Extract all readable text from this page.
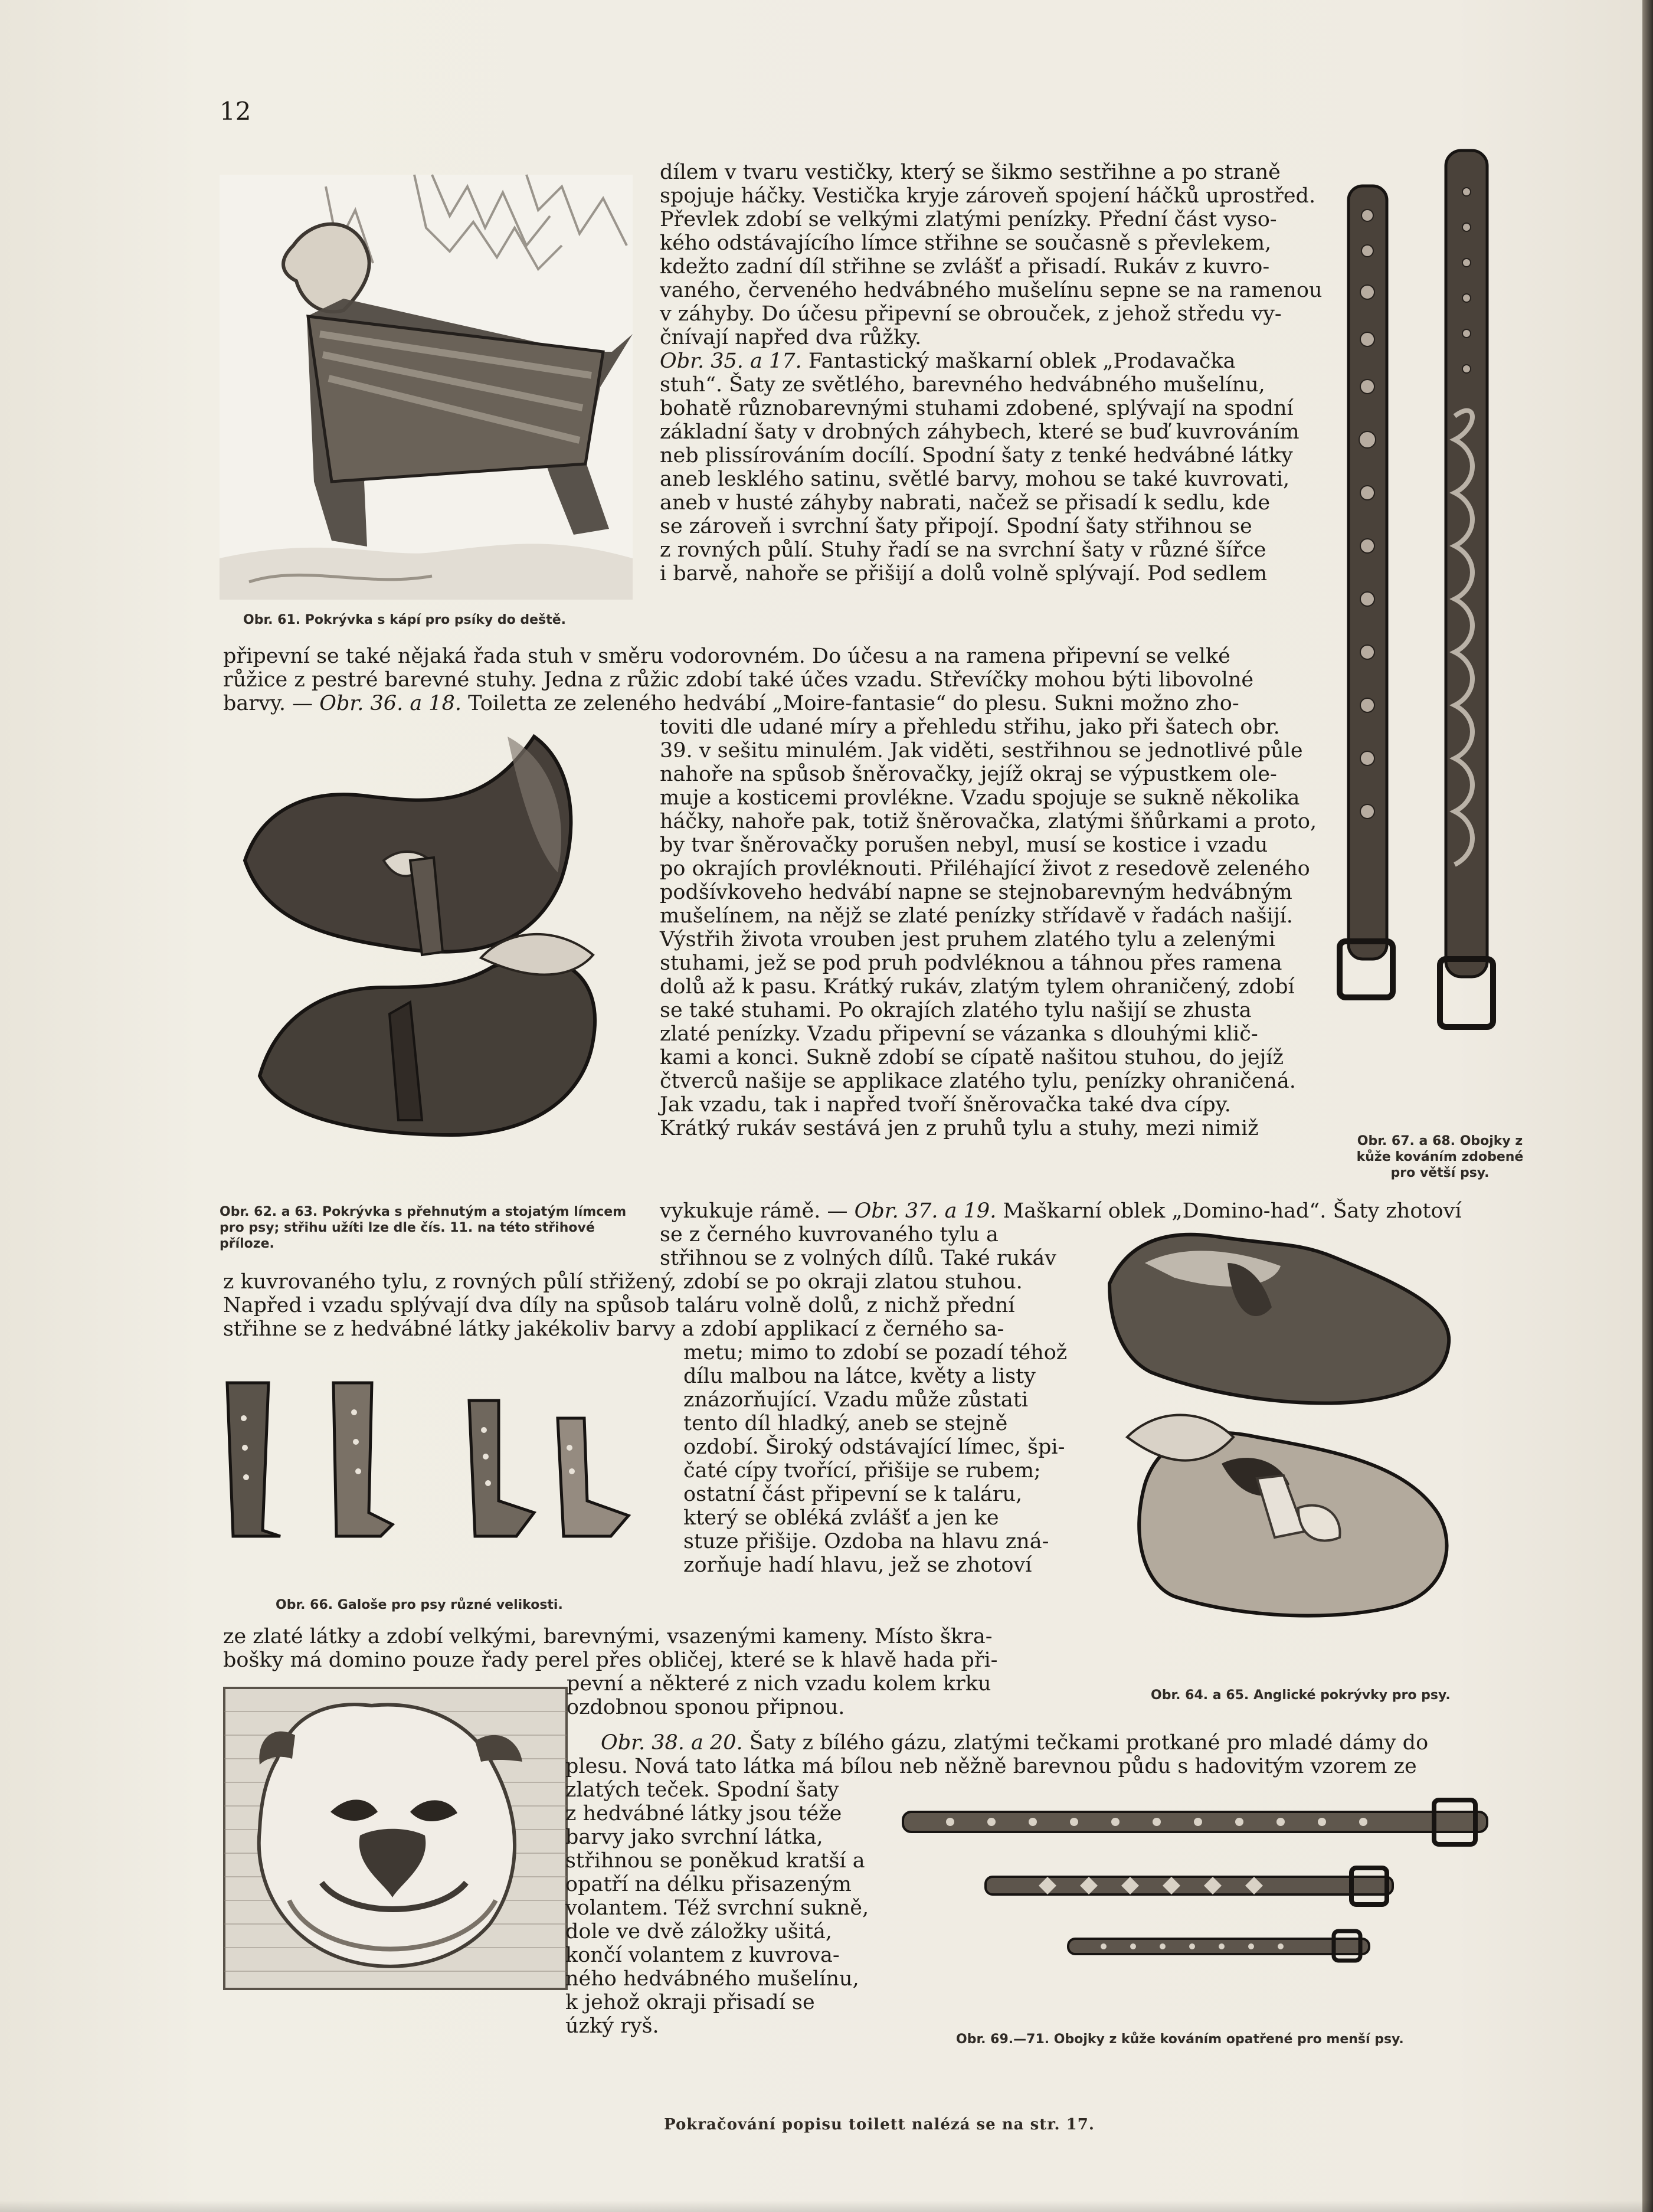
12
Obr. 61. Pokrývka s kápí pro psíky do deště.
Obr. 62. a 63. Pokrývka s přehnutým a stojatým límcem pro psy; střihu užíti lze dle čís. 11. na této střihové příloze.
Obr. 66. Galoše pro psy různé velikosti.
Obr. 67. a 68. Obojky z kůže kováním zdobené pro větší psy.
Obr. 64. a 65. Anglické pokrývky pro psy.
Obr. 69.—71. Obojky z kůže kováním opatřené pro menší psy.
dílem v tvaru vestičky, který se šikmo sestřihne a po straně
spojuje háčky. Vestička kryje zároveň spojení háčků uprostřed.
Převlek zdobí se velkými zlatými penízky. Přední část vyso-
kého odstávajícího límce střihne se současně s převlekem,
kdežto zadní díl střihne se zvlášť a přisadí. Rukáv z kuvro-
vaného, červeného hedvábného mušelínu sepne se na ramenou
v záhyby. Do účesu připevní se obrouček, z jehož středu vy-
čnívají napřed dva růžky.
Obr. 35. a 17. Fantastický maškarní oblek „Prodavačka
stuh“. Šaty ze světlého, barevného hedvábného mušelínu,
bohatě různobarevnými stuhami zdobené, splývají na spodní
základní šaty v drobných záhybech, které se buď kuvrováním
neb plissírováním docílí. Spodní šaty z tenké hedvábné látky
aneb lesklého satinu, světlé barvy, mohou se také kuvrovati,
aneb v husté záhyby nabrati, načež se přisadí k sedlu, kde
se zároveň i svrchní šaty připojí. Spodní šaty střihnou se
z rovných půlí. Stuhy řadí se na svrchní šaty v různé šířce
i barvě, nahoře se přišijí a dolů volně splývají. Pod sedlem
připevní se také nějaká řada stuh v směru vodorovném. Do účesu a na ramena připevní se velké
růžice z pestré barevné stuhy. Jedna z růžic zdobí také účes vzadu. Střevíčky mohou býti libovolné
barvy. — Obr. 36. a 18. Toiletta ze zeleného hedvábí „Moire-fantasie“ do plesu. Sukni možno zho-
toviti dle udané míry a přehledu střihu, jako při šatech obr.
39. v sešitu minulém. Jak viděti, sestřihnou se jednotlivé půle
nahoře na spůsob šněrovačky, jejíž okraj se výpustkem ole-
muje a kosticemi provlékne. Vzadu spojuje se sukně několika
háčky, nahoře pak, totiž šněrovačka, zlatými šňůrkami a proto,
by tvar šněrovačky porušen nebyl, musí se kostice i vzadu
po okrajích provléknouti. Přiléhající život z resedově zeleného
podšívkoveho hedvábí napne se stejnobarevným hedvábným
mušelínem, na nějž se zlaté penízky střídavě v řadách našijí.
Výstřih života vrouben jest pruhem zlatého tylu a zelenými
stuhami, jež se pod pruh podvléknou a táhnou přes ramena
dolů až k pasu. Krátký rukáv, zlatým tylem ohraničený, zdobí
se také stuhami. Po okrajích zlatého tylu našijí se zhusta
zlaté penízky. Vzadu připevní se vázanka s dlouhými klič-
kami a konci. Sukně zdobí se cípatě našitou stuhou, do jejíž
čtverců našije se applikace zlatého tylu, penízky ohraničená.
Jak vzadu, tak i napřed tvoří šněrovačka také dva cípy.
Krátký rukáv sestává jen z pruhů tylu a stuhy, mezi nimiž
vykukuje rámě. — Obr. 37. a 19. Maškarní oblek „Domino-had“. Šaty zhotoví
se z černého kuvrovaného tylu a
střihnou se z volných dílů. Také rukáv
z kuvrovaného tylu, z rovných půlí střižený, zdobí se po okraji zlatou stuhou.
Napřed i vzadu splývají dva díly na spůsob taláru volně dolů, z nichž přední
střihne se z hedvábné látky jakékoliv barvy a zdobí applikací z černého sa-
metu; mimo to zdobí se pozadí téhož
dílu malbou na látce, květy a listy
znázorňující. Vzadu může zůstati
tento díl hladký, aneb se stejně
ozdobí. Široký odstávající límec, špi-
čaté cípy tvořící, přišije se rubem;
ostatní část připevní se k taláru,
který se obléká zvlášť a jen ke
stuze přišije. Ozdoba na hlavu zná-
zorňuje hadí hlavu, jež se zhotoví
ze zlaté látky a zdobí velkými, barevnými, vsazenými kameny. Místo škra-
bošky má domino pouze řady perel přes obličej, které se k hlavě hada při-
pevní a některé z nich vzadu kolem krku
ozdobnou sponou připnou.
Obr. 38. a 20. Šaty z bílého gázu, zlatými tečkami protkané pro mladé dámy do
plesu. Nová tato látka má bílou neb něžně barevnou půdu s hadovitým vzorem ze
zlatých teček. Spodní šaty
z hedvábné látky jsou téže
barvy jako svrchní látka,
střihnou se poněkud kratší a
opatří na délku přisazeným
volantem. Též svrchní sukně,
dole ve dvě záložky ušitá,
končí volantem z kuvrova-
ného hedvábného mušelínu,
k jehož okraji přisadí se
úzký ryš.
Pokračování popisu toilett nalézá se na str. 17.
